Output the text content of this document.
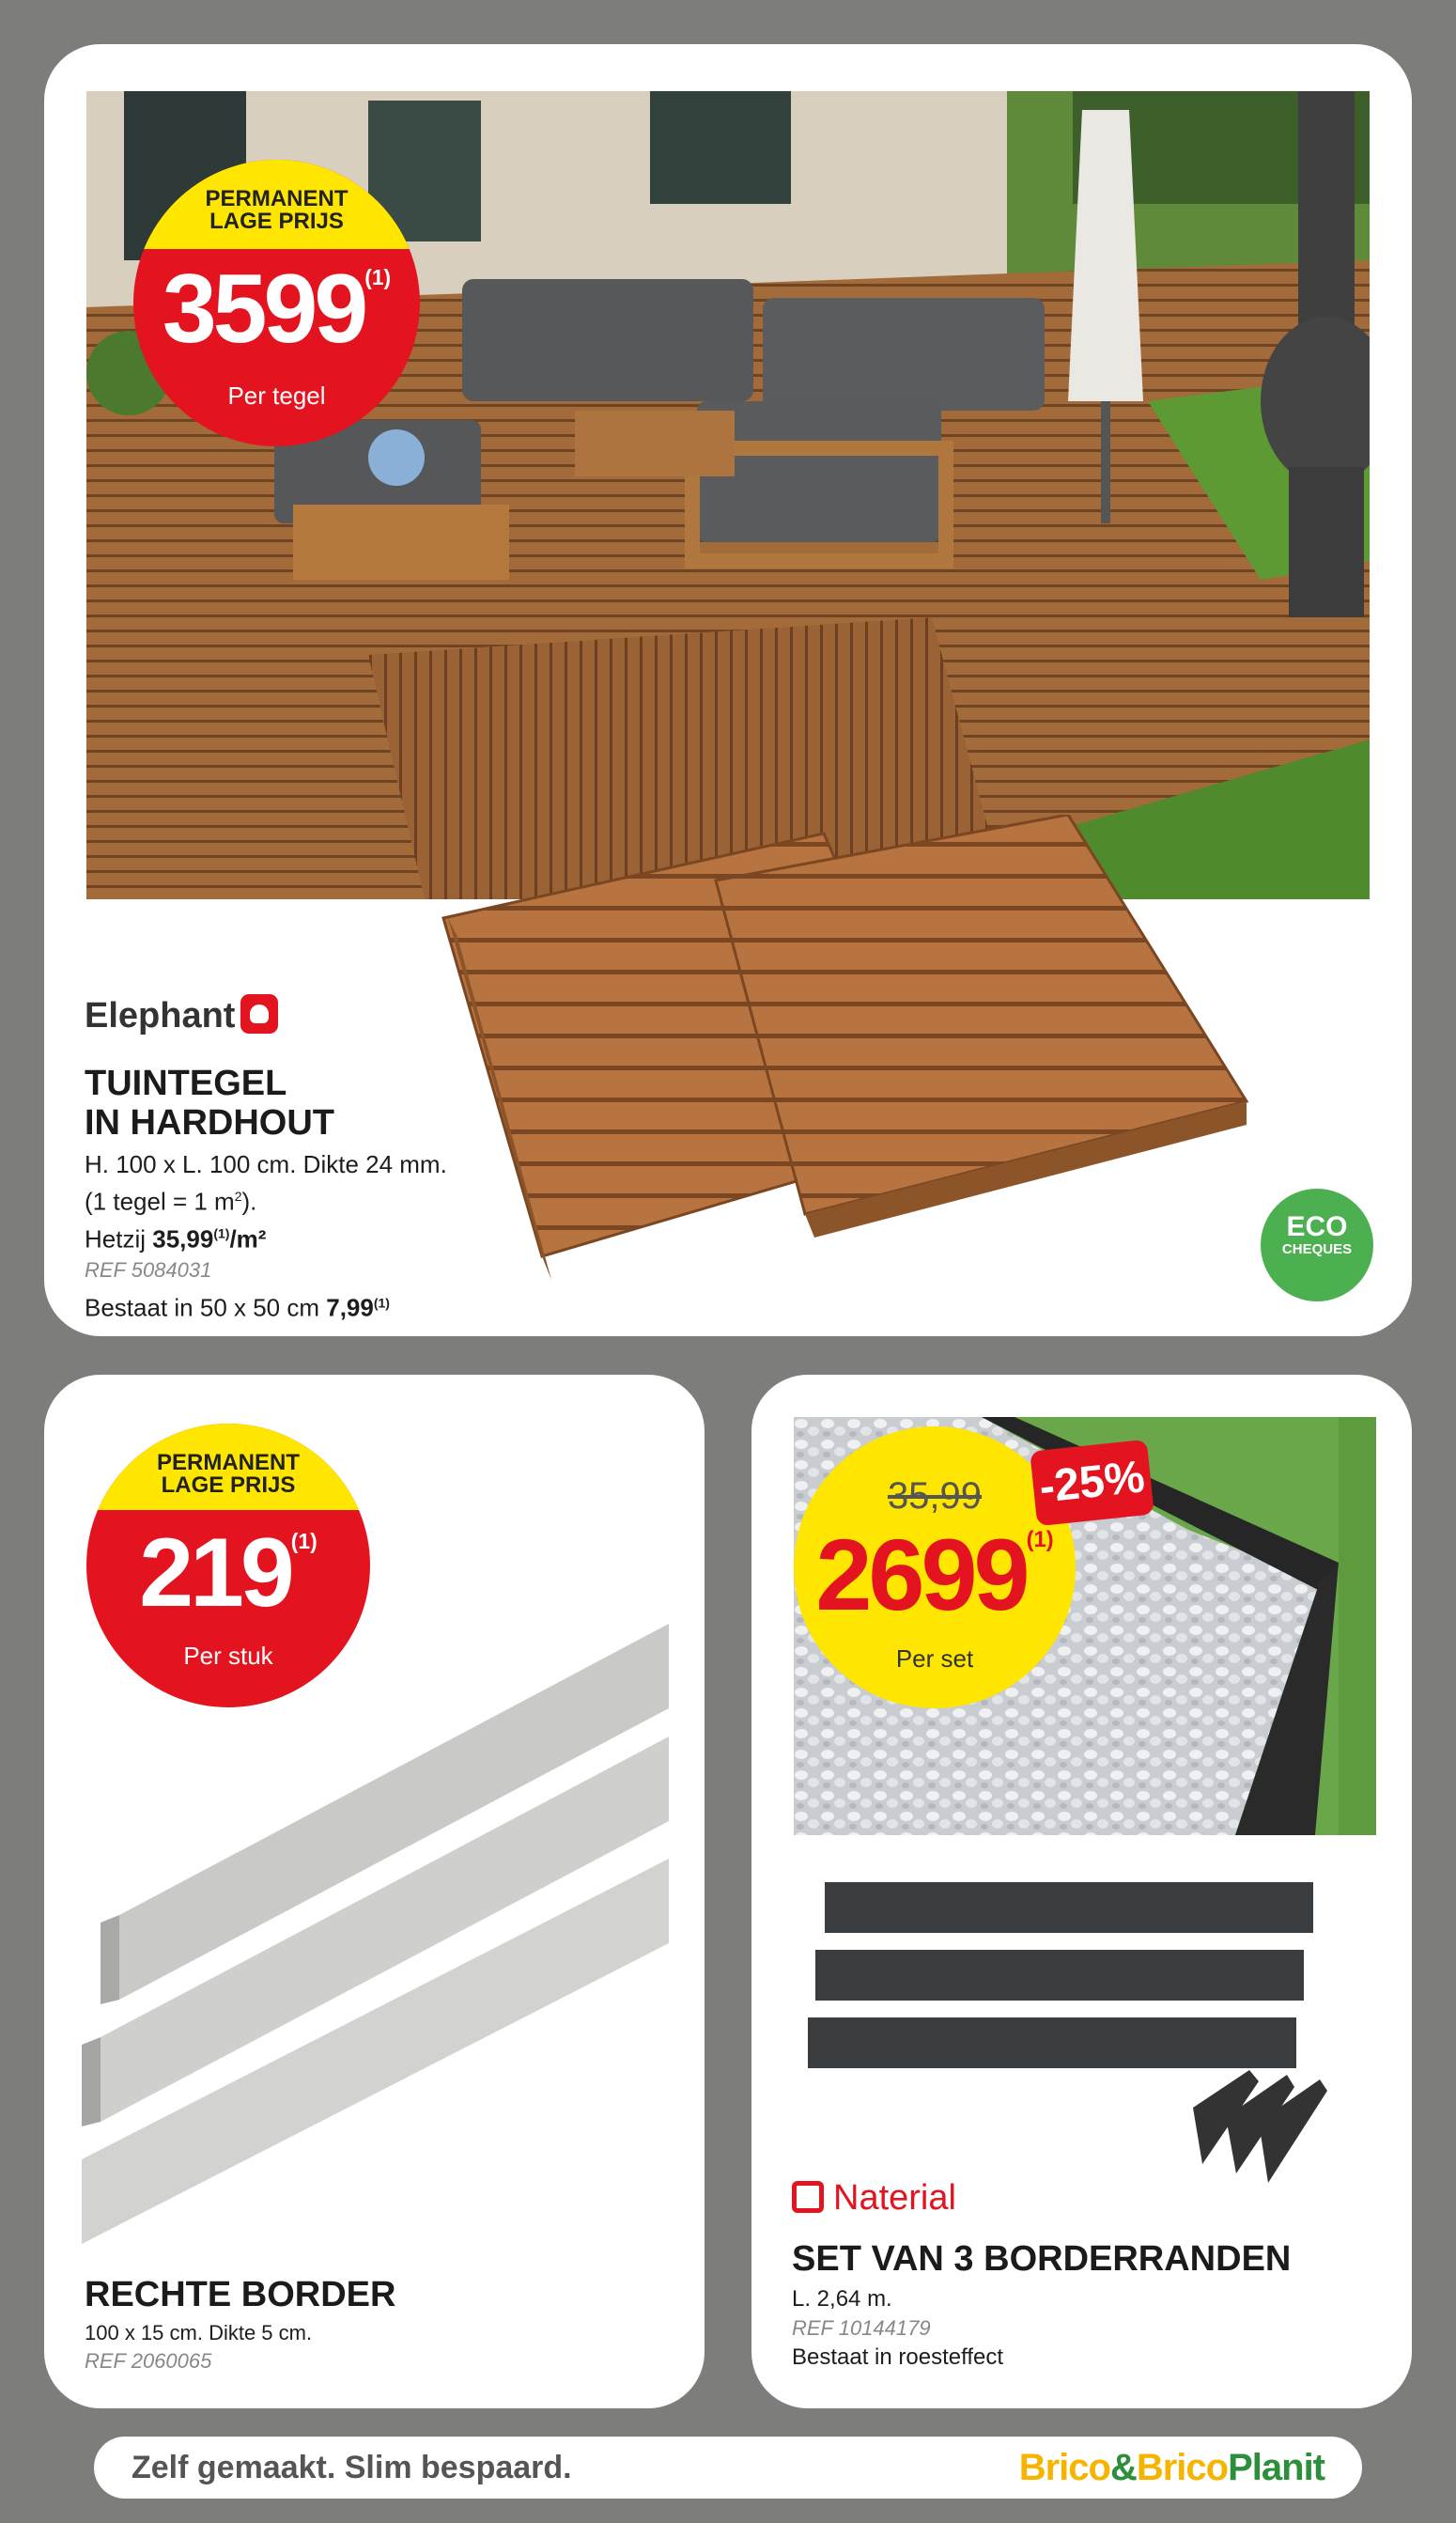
PERMANENT
LAGE PRIJS
3599$^{(1)}$
Per tegel
Elephant
TUINTEGEL
IN HARDHOUT
H. 100 x L. 100 cm. Dikte 24 mm.
(1 tegel = 1 $m^2$).
Hetzij 35,99$^{(1)}$/m²
REF 5084031
Bestaat in 50 x 50 cm 7,99$^{(1)}$
ECO
CHEQUES
PERMANENT
LAGE PRIJS
219$^{(1)}$
Per stuk
RECHTE BORDER
100 x 15 cm. Dikte 5 cm.
REF 2060065
35,99
2699$^{(1)}$
Per set
-25%
Naterial
SET VAN 3 BORDERRANDEN
L. 2,64 m.
REF 10144179
Bestaat in roesteffect
Zelf gemaakt. Slim bespaard.	Brico&BricoPlanit
